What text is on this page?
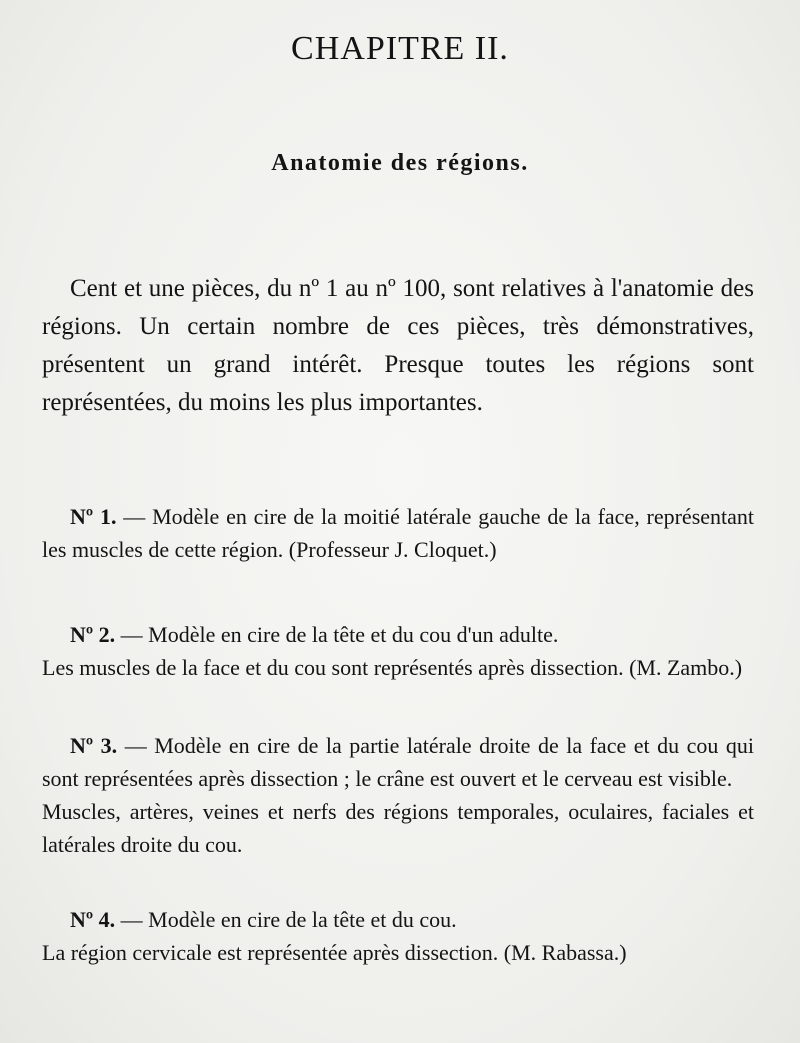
CHAPITRE II.
Anatomie des régions.

Cent et une pièces, du nº 1 au nº 100, sont relatives à l'anatomie des régions. Un certain nombre de ces pièces, très démonstratives, présentent un grand intérêt. Presque toutes les régions sont représentées, du moins les plus importantes.

Nº 1. — Modèle en cire de la moitié latérale gauche de la face, représentant les muscles de cette région. (Professeur J. Cloquet.)
Nº 2. — Modèle en cire de la tête et du cou d'un adulte.
Les muscles de la face et du cou sont représentés après dissection. (M. Zambo.)
Nº 3. — Modèle en cire de la partie latérale droite de la face et du cou qui sont représentées après dissection ; le crâne est ouvert et le cerveau est visible.
Muscles, artères, veines et nerfs des régions temporales, oculaires, faciales et latérales droite du cou.
Nº 4. — Modèle en cire de la tête et du cou.
La région cervicale est représentée après dissection. (M. Rabassa.)
